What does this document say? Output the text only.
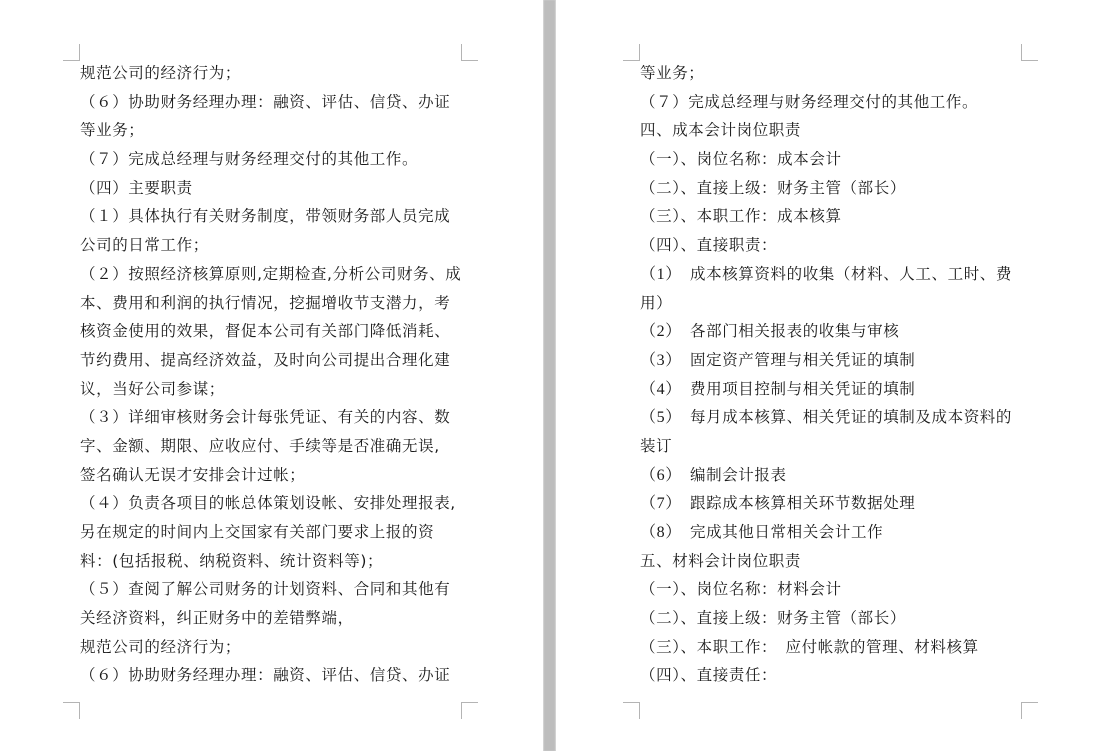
规范公司的经济行为；
（６）协助财务经理办理：融资、评估、信贷、办证
等业务；
（７）完成总经理与财务经理交付的其他工作。
（四）主要职责
（１）具体执行有关财务制度，带领财务部人员完成
公司的日常工作；
（２）按照经济核算原则,定期检查,分析公司财务、成
本、费用和利润的执行情况，挖掘增收节支潜力，考
核资金使用的效果，督促本公司有关部门降低消耗、
节约费用、提高经济效益，及时向公司提出合理化建
议，当好公司参谋；
（３）详细审核财务会计每张凭证、有关的内容、数
字、金额、期限、应收应付、手续等是否准确无误,
签名确认无误才安排会计过帐；
（４）负责各项目的帐总体策划设帐、安排处理报表,
另在规定的时间内上交国家有关部门要求上报的资
料：(包括报税、纳税资料、统计资料等)；
（５）查阅了解公司财务的计划资料、合同和其他有
关经济资料，纠正财务中的差错弊端，
规范公司的经济行为；
（６）协助财务经理办理：融资、评估、信贷、办证
等业务；
（７）完成总经理与财务经理交付的其他工作。
四、成本会计岗位职责
（一）、岗位名称：成本会计
（二）、直接上级：财务主管（部长）
（三）、本职工作：成本核算
（四）、直接职责：
（1） 成本核算资料的收集（材料、人工、工时、费
用）
（2） 各部门相关报表的收集与审核
（3） 固定资产管理与相关凭证的填制
（4） 费用项目控制与相关凭证的填制
（5） 每月成本核算、相关凭证的填制及成本资料的
装订
（6） 编制会计报表
（7） 跟踪成本核算相关环节数据处理
（8） 完成其他日常相关会计工作
五、材料会计岗位职责
（一）、岗位名称：材料会计
（二）、直接上级：财务主管（部长）
（三）、本职工作：　应付帐款的管理、材料核算
（四）、直接责任：
